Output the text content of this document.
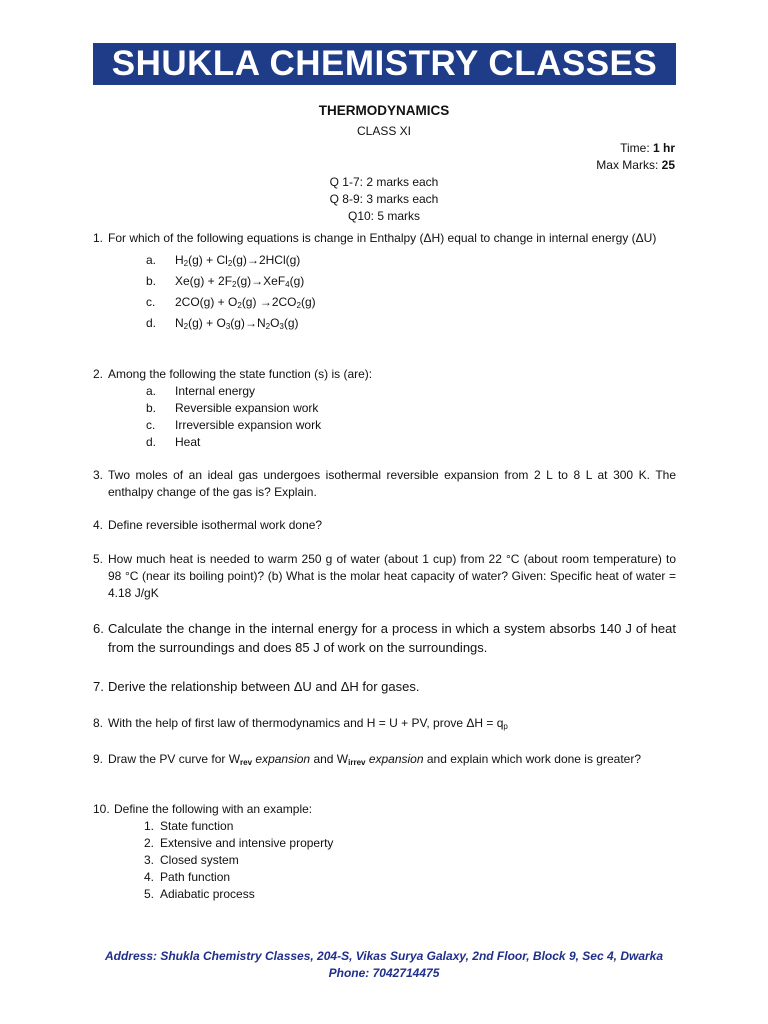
SHUKLA CHEMISTRY CLASSES
THERMODYNAMICS
CLASS XI
Time: 1 hr
Max Marks: 25
Q 1-7: 2 marks each
Q 8-9: 3 marks each
Q10: 5 marks
1. For which of the following equations is change in Enthalpy (ΔH) equal to change in internal energy (ΔU)
a. $H_2(g) + Cl_2(g)\to 2HCl(g)$
b. $Xe(g) + 2F_2(g)\to XeF_4(g)$
c. $2CO(g) + O_2(g) \to 2CO_2(g)$
d. $N_2(g) + O_3(g)\to N_2O_3(g)$
2. Among the following the state function (s) is (are):
a. Internal energy
b. Reversible expansion work
c. Irreversible expansion work
d. Heat
3. Two moles of an ideal gas undergoes isothermal reversible expansion from 2 L to 8 L at 300 K. The enthalpy change of the gas is? Explain.
4. Define reversible isothermal work done?
5. How much heat is needed to warm 250 g of water (about 1 cup) from 22 °C (about room temperature) to 98 °C (near its boiling point)? (b) What is the molar heat capacity of water? Given: Specific heat of water = 4.18 J/gK
6. Calculate the change in the internal energy for a process in which a system absorbs 140 J of heat from the surroundings and does 85 J of work on the surroundings.
7. Derive the relationship between ΔU and ΔH for gases.
8. With the help of first law of thermodynamics and H = U + PV, prove $\Delta H = q_p$
9. Draw the PV curve for $W_{rev}$ expansion and $W_{irrev}$ expansion and explain which work done is greater?
10. Define the following with an example:
1. State function
2. Extensive and intensive property
3. Closed system
4. Path function
5. Adiabatic process
Address: Shukla Chemistry Classes, 204-S, Vikas Surya Galaxy, 2nd Floor, Block 9, Sec 4, Dwarka
Phone: 7042714475
